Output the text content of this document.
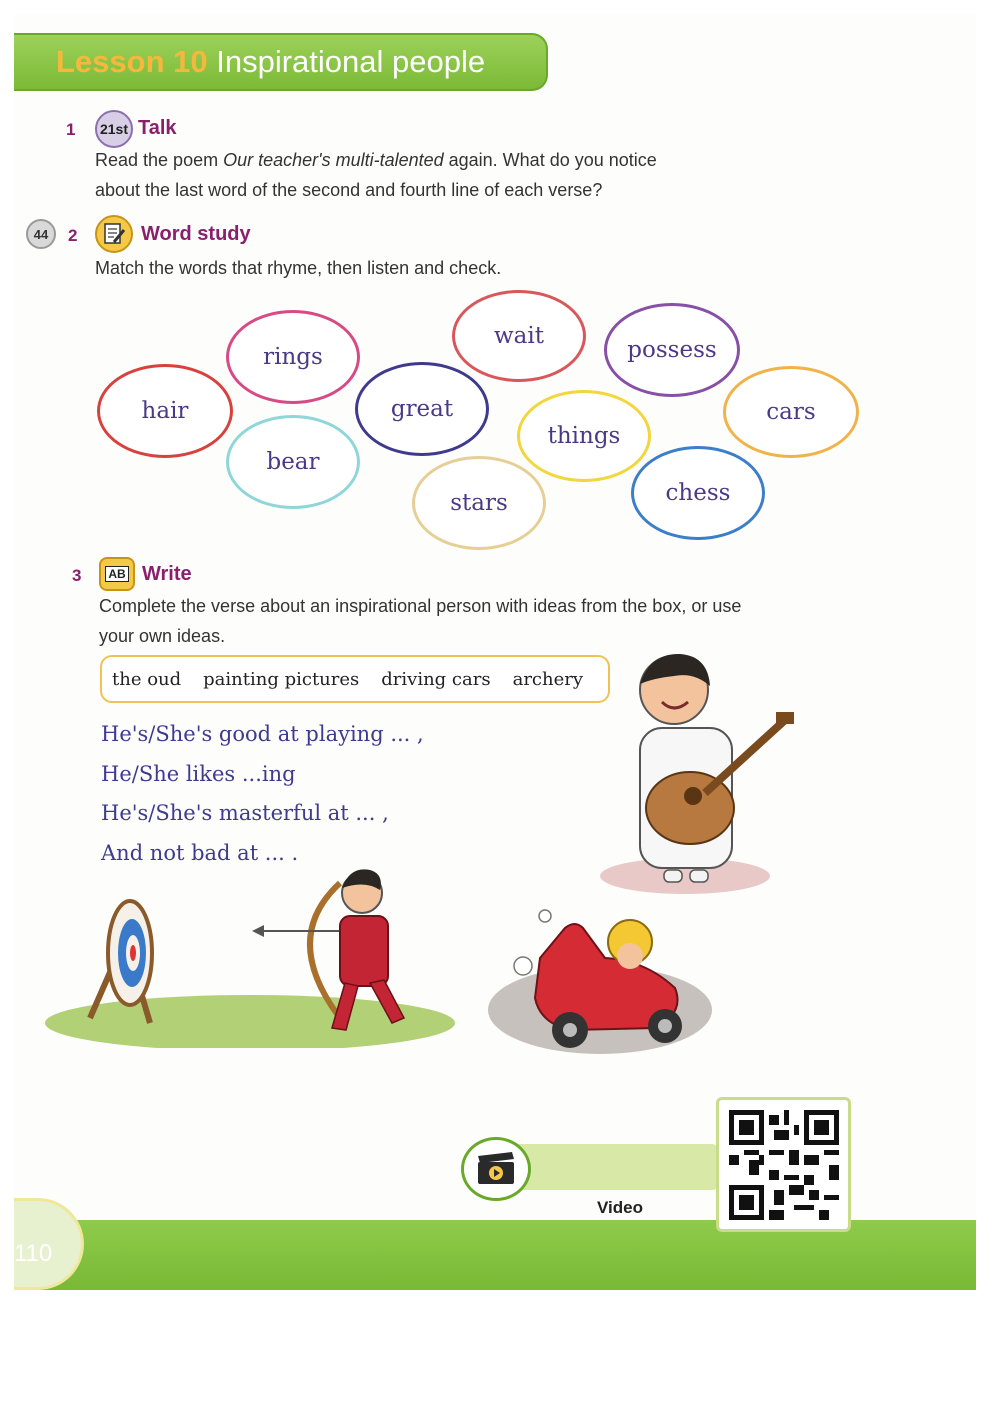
Lesson 10 Inspirational people
1 21st Talk
Read the poem Our teacher's multi-talented again. What do you notice
about the last word of the second and fourth line of each verse?
44 2	Word study
Match the words that rhyme, then listen and check.
rings
wait
possess
hair	great	cars
things
bear
stars	chess
3 AB Write
Complete the verse about an inspirational person with ideas from the box, or use
your own ideas.
the oud painting pictures driving cars archery
He's/She's good at playing ... ,
He/She likes ...ing
He's/She's masterful at ... ,
And not bad at ... .
110
Video
